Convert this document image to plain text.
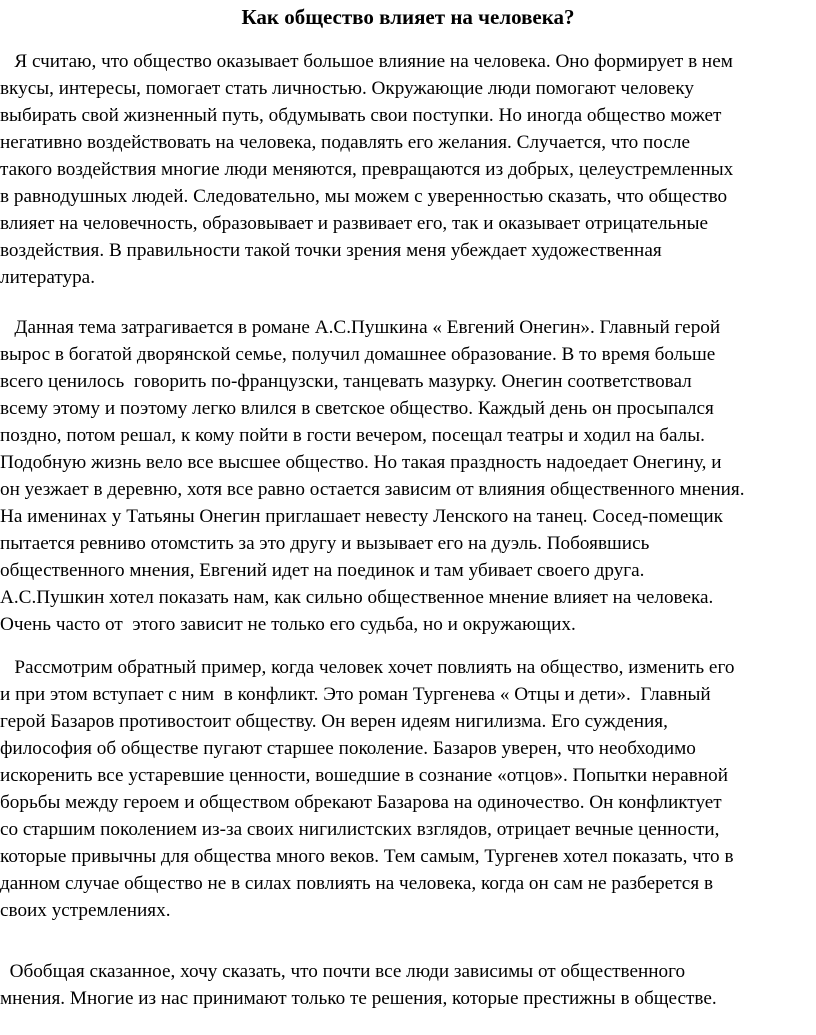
Как общество влияет на человека?
Я считаю, что общество оказывает большое влияние на человека. Оно формирует в нем
вкусы, интересы, помогает стать личностью. Окружающие люди помогают человеку
выбирать свой жизненный путь, обдумывать свои поступки. Но иногда общество может
негативно воздействовать на человека, подавлять его желания. Случается, что после
такого воздействия многие люди меняются, превращаются из добрых, целеустремленных
в равнодушных людей. Следовательно, мы можем с уверенностью сказать, что общество
влияет на человечность, образовывает и развивает его, так и оказывает отрицательные
воздействия. В правильности такой точки зрения меня убеждает художественная
литература.
Данная тема затрагивается в романе А.С.Пушкина « Евгений Онегин». Главный герой
вырос в богатой дворянской семье, получил домашнее образование. В то время больше
всего ценилось  говорить по-французски, танцевать мазурку. Онегин соответствовал
всему этому и поэтому легко влился в светское общество. Каждый день он просыпался
поздно, потом решал, к кому пойти в гости вечером, посещал театры и ходил на балы.
Подобную жизнь вело все высшее общество. Но такая праздность надоедает Онегину, и
он уезжает в деревню, хотя все равно остается зависим от влияния общественного мнения.
На именинах у Татьяны Онегин приглашает невесту Ленского на танец. Сосед-помещик
пытается ревниво отомстить за это другу и вызывает его на дуэль. Побоявшись
общественного мнения, Евгений идет на поединок и там убивает своего друга.
А.С.Пушкин хотел показать нам, как сильно общественное мнение влияет на человека.
Очень часто от  этого зависит не только его судьба, но и окружающих.
Рассмотрим обратный пример, когда человек хочет повлиять на общество, изменить его
и при этом вступает с ним  в конфликт. Это роман Тургенева « Отцы и дети».  Главный
герой Базаров противостоит обществу. Он верен идеям нигилизма. Его суждения,
философия об обществе пугают старшее поколение. Базаров уверен, что необходимо
искоренить все устаревшие ценности, вошедшие в сознание «отцов». Попытки неравной
борьбы между героем и обществом обрекают Базарова на одиночество. Он конфликтует
со старшим поколением из-за своих нигилистских взглядов, отрицает вечные ценности,
которые привычны для общества много веков. Тем самым, Тургенев хотел показать, что в
данном случае общество не в силах повлиять на человека, когда он сам не разберется в
своих устремлениях.
Обобщая сказанное, хочу сказать, что почти все люди зависимы от общественного
мнения. Многие из нас принимают только те решения, которые престижны в обществе.
